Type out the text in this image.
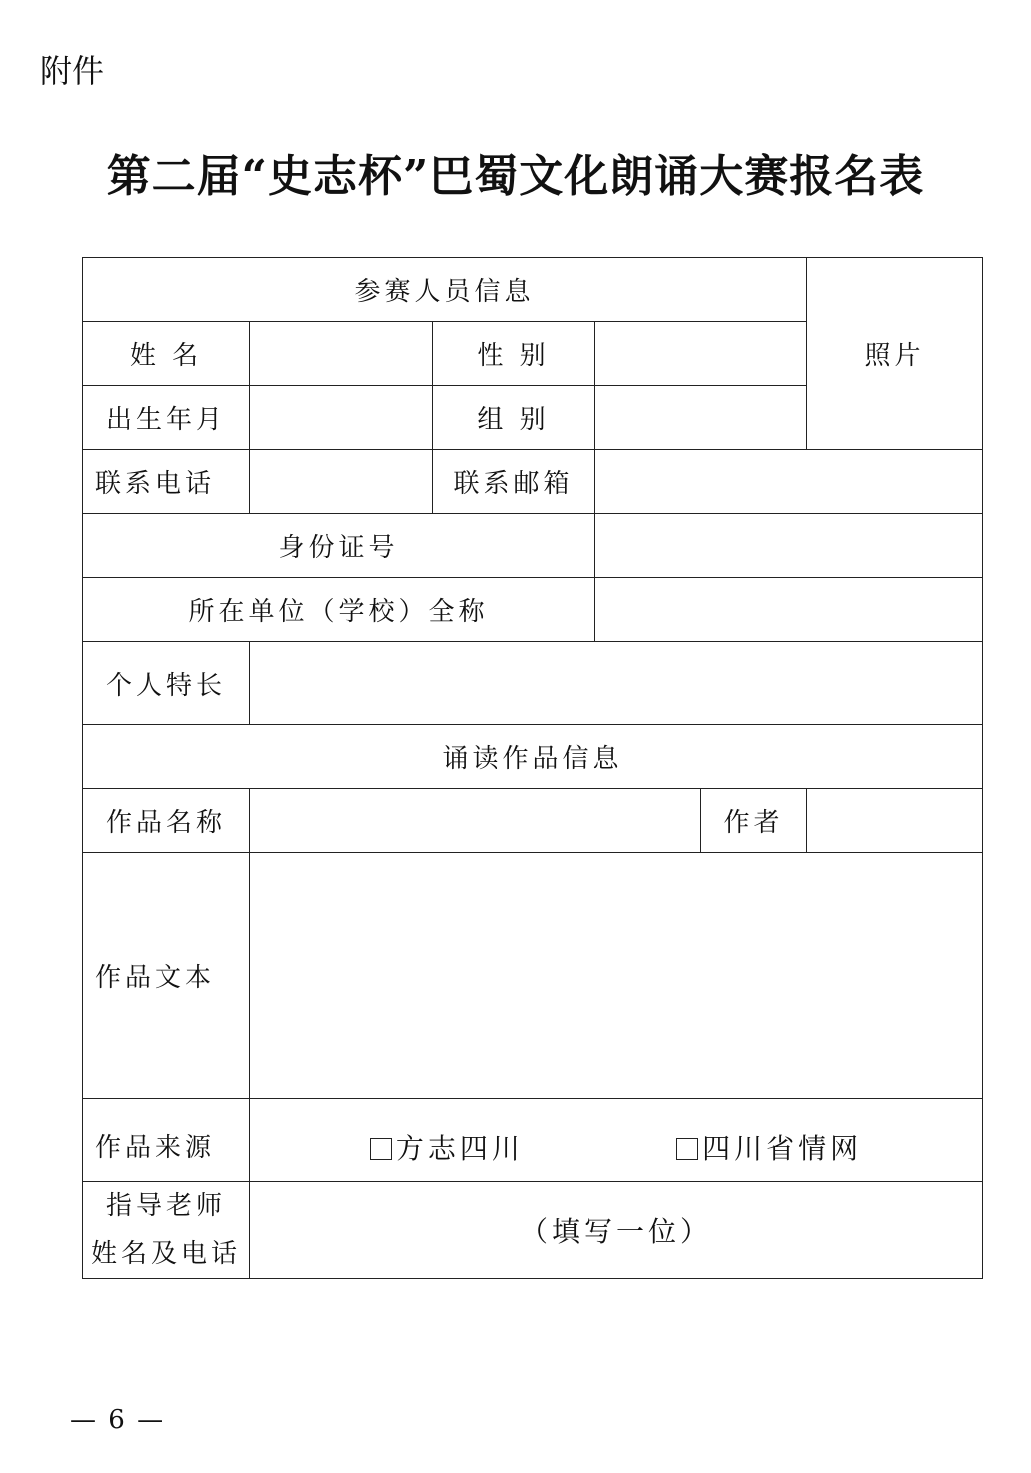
附件
第二届“史志杯”巴蜀文化朗诵大赛报名表
参赛人员信息					照片
姓 名		性 别			
出生年月		组 别			
联系电话		联系邮箱			
身份证号					
所在单位（学校）全称					
个人特长					
诵读作品信息					
作品名称				作者	
作品文本					
作品来源	方志四川 四川省情网				

指导老师
姓名及电话	（填写一位）				
— 6 —
